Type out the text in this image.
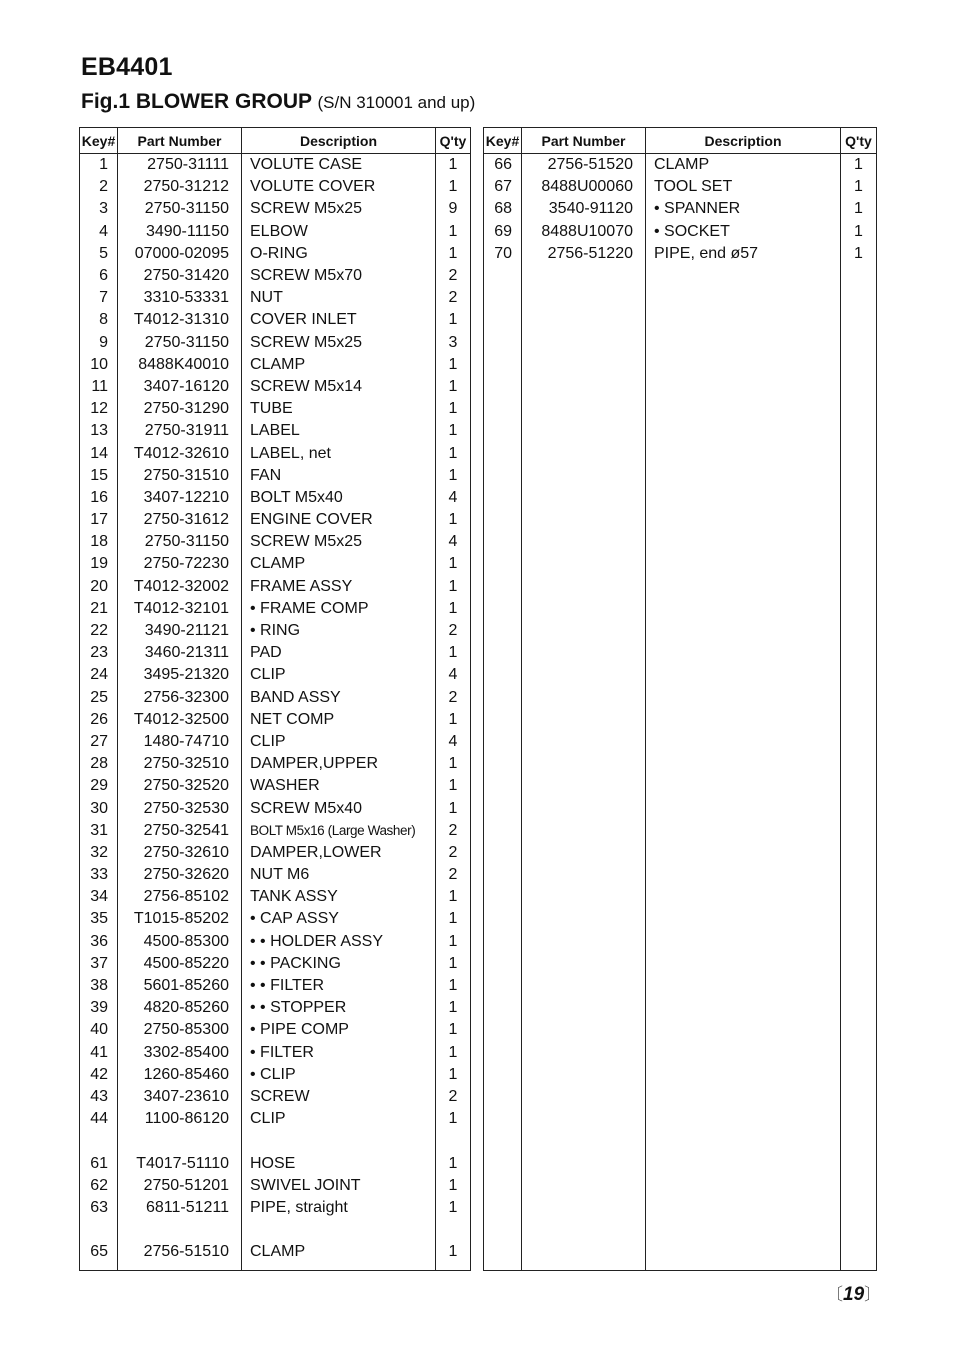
EB4401
Fig.1 BLOWER GROUP (S/N 310001 and up)
Key#	Part Number	Description	Q'ty
1	2750-31111	VOLUTE CASE	1
2	2750-31212	VOLUTE COVER	1
3	2750-31150	SCREW M5x25	9
4	3490-11150	ELBOW	1
5	07000-02095	O-RING	1
6	2750-31420	SCREW M5x70	2
7	3310-53331	NUT	2
8	T4012-31310	COVER INLET	1
9	2750-31150	SCREW M5x25	3
10	8488K40010	CLAMP	1
11	3407-16120	SCREW M5x14	1
12	2750-31290	TUBE	1
13	2750-31911	LABEL	1
14	T4012-32610	LABEL, net	1
15	2750-31510	FAN	1
16	3407-12210	BOLT M5x40	4
17	2750-31612	ENGINE COVER	1
18	2750-31150	SCREW M5x25	4
19	2750-72230	CLAMP	1
20	T4012-32002	FRAME ASSY	1
21	T4012-32101	• FRAME COMP	1
22	3490-21121	• RING	2
23	3460-21311	PAD	1
24	3495-21320	CLIP	4
25	2756-32300	BAND ASSY	2
26	T4012-32500	NET COMP	1
27	1480-74710	CLIP	4
28	2750-32510	DAMPER,UPPER	1
29	2750-32520	WASHER	1
30	2750-32530	SCREW M5x40	1
31	2750-32541	BOLT M5x16 (Large Washer)	2
32	2750-32610	DAMPER,LOWER	2
33	2750-32620	NUT M6	2
34	2756-85102	TANK ASSY	1
35	T1015-85202	• CAP ASSY	1
36	4500-85300	• • HOLDER ASSY	1
37	4500-85220	• • PACKING	1
38	5601-85260	• • FILTER	1
39	4820-85260	• • STOPPER	1
40	2750-85300	• PIPE COMP	1
41	3302-85400	• FILTER	1
42	1260-85460	• CLIP	1
43	3407-23610	SCREW	2
44	1100-86120	CLIP	1

61	T4017-51110	HOSE	1
62	2750-51201	SWIVEL JOINT	1
63	6811-51211	PIPE, straight	1

65	2756-51510	CLAMP	1

Key#	Part Number	Description	Q'ty
66	2756-51520	CLAMP	1
67	8488U00060	TOOL SET	1
68	3540-91120	• SPANNER	1
69	8488U10070	• SOCKET	1
70	2756-51220	PIPE, end ø57	1

〔19〕
